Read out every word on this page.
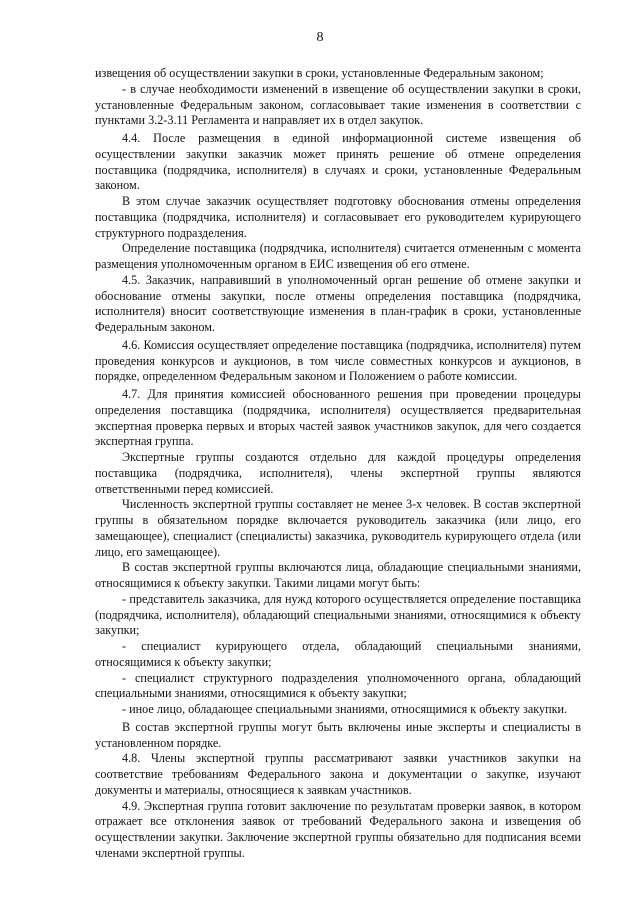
8

извещения об осуществлении закупки в сроки, установленные Федеральным законом;

- в случае необходимости изменений в извещение об осуществлении закупки в сроки, установленные Федеральным законом, согласовывает такие изменения в соответствии с пунктами 3.2-3.11 Регламента и направляет их в отдел закупок.

4.4. После размещения в единой информационной системе извещения об осуществлении закупки заказчик может принять решение об отмене определения поставщика (подрядчика, исполнителя) в случаях и сроки, установленные Федеральным законом.

В этом случае заказчик осуществляет подготовку обоснования отмены определения поставщика (подрядчика, исполнителя) и согласовывает его руководителем курирующего структурного подразделения.

Определение поставщика (подрядчика, исполнителя) считается отмененным с момента размещения уполномоченным органом в ЕИС извещения об его отмене.

4.5. Заказчик, направивший в уполномоченный орган решение об отмене закупки и обоснование отмены закупки, после отмены определения поставщика (подрядчика, исполнителя) вносит соответствующие изменения в план-график в сроки, установленные Федеральным законом.

4.6. Комиссия осуществляет определение поставщика (подрядчика, исполнителя) путем проведения конкурсов и аукционов, в том числе совместных конкурсов и аукционов, в порядке, определенном Федеральным законом и Положением о работе комиссии.

4.7. Для принятия комиссией обоснованного решения при проведении процедуры определения поставщика (подрядчика, исполнителя) осуществляется предварительная экспертная проверка первых и вторых частей заявок участников закупок, для чего создается экспертная группа.

Экспертные группы создаются отдельно для каждой процедуры определения поставщика (подрядчика, исполнителя), члены экспертной группы являются ответственными перед комиссией.

Численность экспертной группы составляет не менее 3-х человек. В состав экспертной группы в обязательном порядке включается руководитель заказчика (или лицо, его замещающее), специалист (специалисты) заказчика, руководитель курирующего отдела (или лицо, его замещающее).

В состав экспертной группы включаются лица, обладающие специальными знаниями, относящимися к объекту закупки. Такими лицами могут быть:

- представитель заказчика, для нужд которого осуществляется определение поставщика (подрядчика, исполнителя), обладающий специальными знаниями, относящимися к объекту закупки;

- специалист курирующего отдела, обладающий специальными знаниями, относящимися к объекту закупки;

- специалист структурного подразделения уполномоченного органа, обладающий специальными знаниями, относящимися к объекту закупки;

- иное лицо, обладающее специальными знаниями, относящимися к объекту закупки.

В состав экспертной группы могут быть включены иные эксперты и специалисты в установленном порядке.

4.8. Члены экспертной группы рассматривают заявки участников закупки на соответствие требованиям Федерального закона и документации о закупке, изучают документы и материалы, относящиеся к заявкам участников.

4.9. Экспертная группа готовит заключение по результатам проверки заявок, в котором отражает все отклонения заявок от требований Федерального закона и извещения об осуществлении закупки. Заключение экспертной группы обязательно для подписания всеми членами экспертной группы.
